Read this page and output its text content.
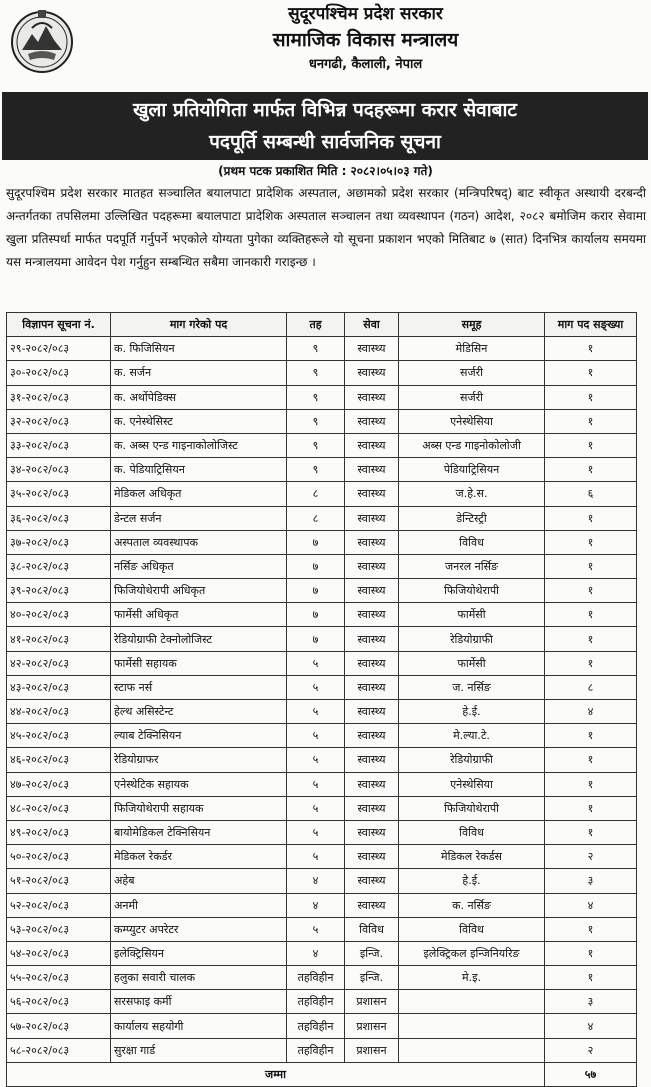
सुदूरपश्चिम प्रदेश सरकार
सामाजिक विकास मन्त्रालय
धनगढी, कैलाली, नेपाल
खुला प्रतियोगिता मार्फत विभिन्न पदहरूमा करार सेवाबाट
पदपूर्ति सम्बन्धी सार्वजनिक सूचना
(प्रथम पटक प्रकाशित मिति : २०८२।०५।०३ गते)
सुदूरपश्चिम प्रदेश सरकार मातहत सञ्चालित बयालपाटा प्रादेशिक अस्पताल, अछामको प्रदेश सरकार (मन्त्रिपरिषद्) बाट स्वीकृत अस्थायी दरबन्दी अन्तर्गतका तपसिलमा उल्लिखित पदहरूमा बयालपाटा प्रादेशिक अस्पताल सञ्चालन तथा व्यवस्थापन (गठन) आदेश, २०८२ बमोजिम करार सेवामा खुला प्रतिस्पर्धा मार्फत पदपूर्ति गर्नुपर्ने भएकोले योग्यता पुगेका व्यक्तिहरूले यो सूचना प्रकाशन भएको मितिबाट ७ (सात) दिनभित्र कार्यालय समयमा यस मन्त्रालयमा आवेदन पेश गर्नुहुन सम्बन्धित सबैमा जानकारी गराइन्छ ।
विज्ञापन सूचना नं.	माग गरेको पद	तह	सेवा	समूह	माग पद सङ्ख्या
२९-२०८२/०८३	क. फिजिसियन	९	स्वास्थ्य	मेडिसिन	१
३०-२०८२/०८३	क. सर्जन	९	स्वास्थ्य	सर्जरी	१
३१-२०८२/०८३	क. अर्थोपेडिक्स	९	स्वास्थ्य	सर्जरी	१
३२-२०८२/०८३	क. एनेस्थेसिस्ट	९	स्वास्थ्य	एनेस्थेसिया	१
३३-२०८२/०८३	क. अब्स एन्ड गाइनाकोलोजिस्ट	९	स्वास्थ्य	अब्स एन्ड गाइनोकोलोजी	१
३४-२०८२/०८३	क. पेडियाट्रिसियन	९	स्वास्थ्य	पेडियाट्रिसियन	१
३५-२०८२/०८३	मेडिकल अधिकृत	८	स्वास्थ्य	ज.हे.स.	६
३६-२०८२/०८३	डेन्टल सर्जन	८	स्वास्थ्य	डेन्टिस्ट्री	१
३७-२०८२/०८३	अस्पताल व्यवस्थापक	७	स्वास्थ्य	विविध	१
३८-२०८२/०८३	नर्सिङ अधिकृत	७	स्वास्थ्य	जनरल नर्सिङ	१
३९-२०८२/०८३	फिजियोथेरापी अधिकृत	७	स्वास्थ्य	फिजियोथेरापी	१
४०-२०८२/०८३	फार्मेसी अधिकृत	७	स्वास्थ्य	फार्मेसी	१
४१-२०८२/०८३	रेडियोग्राफी टेक्नोलोजिस्ट	७	स्वास्थ्य	रेडियोग्राफी	१
४२-२०८२/०८३	फार्मेसी सहायक	५	स्वास्थ्य	फार्मेसी	१
४३-२०८२/०८३	स्टाफ नर्स	५	स्वास्थ्य	ज. नर्सिङ	८
४४-२०८२/०८३	हेल्थ असिस्टेन्ट	५	स्वास्थ्य	हे.ई.	४
४५-२०८२/०८३	ल्याब टेक्निसियन	५	स्वास्थ्य	मे.ल्या.टे.	१
४६-२०८२/०८३	रेडियोग्राफर	५	स्वास्थ्य	रेडियोग्राफी	१
४७-२०८२/०८३	एनेस्थेटिक सहायक	५	स्वास्थ्य	एनेस्थेसिया	१
४८-२०८२/०८३	फिजियोथेरापी सहायक	५	स्वास्थ्य	फिजियोथेरापी	१
४९-२०८२/०८३	बायोमेडिकल टेक्निसियन	५	स्वास्थ्य	विविध	१
५०-२०८२/०८३	मेडिकल रेकर्डर	५	स्वास्थ्य	मेडिकल रेकर्डस	२
५१-२०८२/०८३	अहेब	४	स्वास्थ्य	हे.ई.	३
५२-२०८२/०८३	अनमी	४	स्वास्थ्य	क. नर्सिङ	४
५३-२०८२/०८३	कम्प्युटर अपरेटर	५	विविध	विविध	१
५४-२०८२/०८३	इलेक्ट्रिसियन	४	इन्जि.	इलेक्ट्रिकल इन्जिनियरिङ	१
५५-२०८२/०८३	हलुका सवारी चालक	तहविहीन	इन्जि.	मे.इ.	१
५६-२०८२/०८३	सरसफाइ कर्मी	तहविहीन	प्रशासन		३
५७-२०८२/०८३	कार्यालय सहयोगी	तहविहीन	प्रशासन		४
५८-२०८२/०८३	सुरक्षा गार्ड	तहविहीन	प्रशासन		२
जम्मा					५७
